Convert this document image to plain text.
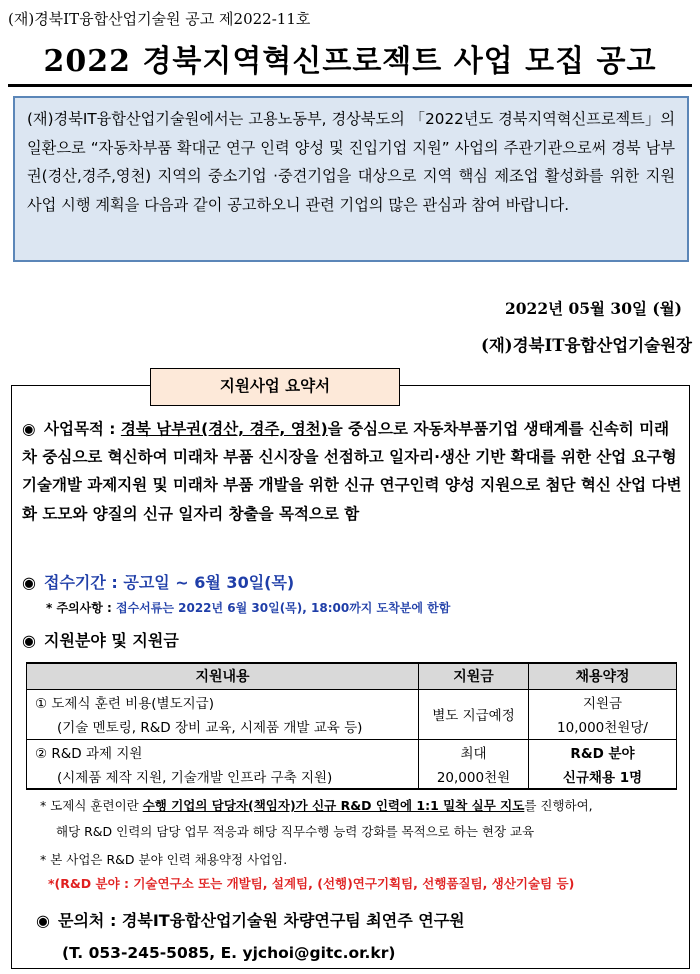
(재)경북IT융합산업기술원 공고 제2022-11호
2022 경북지역혁신프로젝트 사업 모집 공고
(재)경북IT융합산업기술원에서는 고용노동부, 경상북도의 「2022년도 경북지역혁신프로젝트」의 일환으로 “자동차부품 확대군 연구 인력 양성 및 진입기업 지원” 사업의 주관기관으로써 경북 남부권(경산,경주,영천) 지역의 중소기업 ·중견기업을 대상으로 지역 핵심 제조업 활성화를 위한 지원 사업 시행 계획을 다음과 같이 공고하오니 관련 기업의 많은 관심과 참여 바랍니다.
2022년 05월 30일 (월)
(재)경북IT융합산업기술원장
지원사업 요약서
◉ 사업목적 : 경북 남부권(경산, 경주, 영천)을 중심으로 자동차부품기업 생태계를 신속히 미래차 중심으로 혁신하여 미래차 부품 신시장을 선점하고 일자리·생산 기반 확대를 위한 산업 요구형 기술개발 과제지원 및 미래차 부품 개발을 위한 신규 연구인력 양성 지원으로 첨단 혁신 산업 다변화 도모와 양질의 신규 일자리 창출을 목적으로 함
◉ 접수기간 : 공고일 ~ 6월 30일(목)
* 주의사항 : 접수서류는 2022년 6월 30일(목), 18:00까지 도착분에 한함
◉ 지원분야 및 지원금
지원내용	지원금	채용약정
① 도제식 훈련 비용(별도지급)	별도 지급예정	지원금
(기술 멘토링, R&D 장비 교육, 시제품 개발 교육 등)		10,000천원당/
② R&D 과제 지원	최대	R&D 분야
(시제품 제작 지원, 기술개발 인프라 구축 지원)	20,000천원	신규채용 1명
* 도제식 훈련이란 수행 기업의 담당자(책임자)가 신규 R&D 인력에 1:1 밀착 실무 지도를 진행하여,
해당 R&D 인력의 담당 업무 적응과 해당 직무수행 능력 강화를 목적으로 하는 현장 교육
* 본 사업은 R&D 분야 인력 채용약정 사업임.
*(R&D 분야 : 기술연구소 또는 개발팀, 설계팀, (선행)연구기획팀, 선행품질팀, 생산기술팀 등)
◉ 문의처 : 경북IT융합산업기술원 차량연구팀 최연주 연구원
(T. 053-245-5085, E. yjchoi@gitc.or.kr)
